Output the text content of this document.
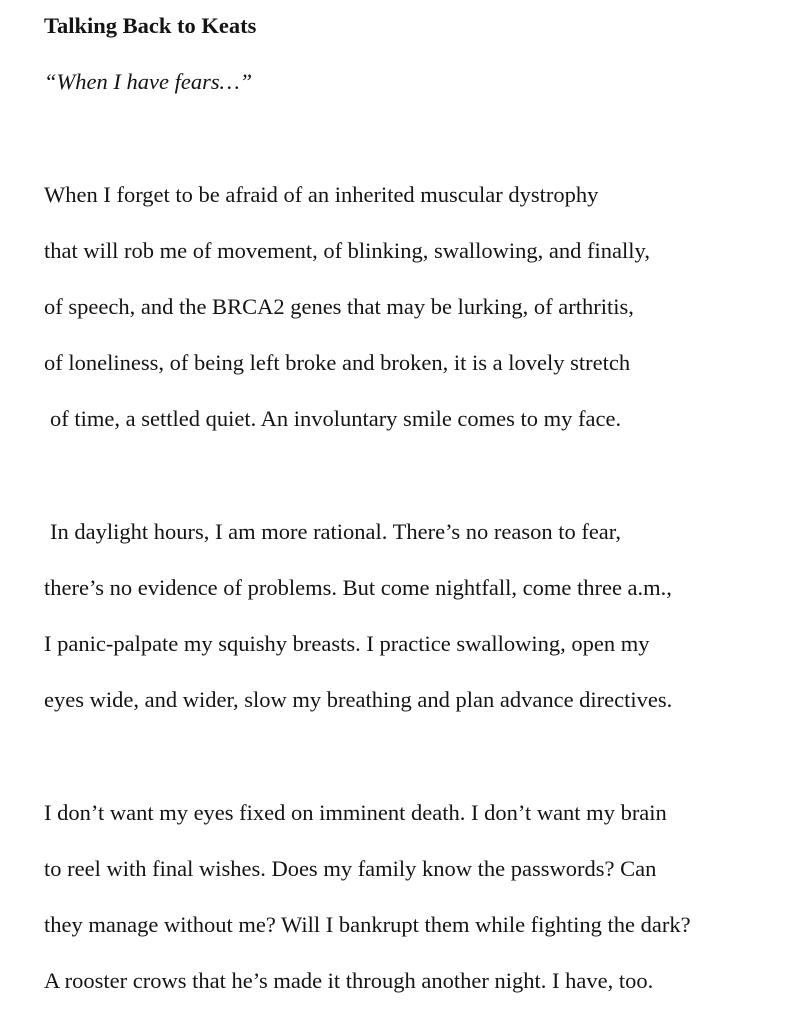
Talking Back to Keats
“When I have fears…”
When I forget to be afraid of an inherited muscular dystrophy
that will rob me of movement, of blinking, swallowing, and finally,
of speech, and the BRCA2 genes that may be lurking, of arthritis,
of loneliness, of being left broke and broken, it is a lovely stretch
of time, a settled quiet. An involuntary smile comes to my face.
In daylight hours, I am more rational. There’s no reason to fear,
there’s no evidence of problems. But come nightfall, come three a.m.,
I panic-palpate my squishy breasts. I practice swallowing, open my
eyes wide, and wider, slow my breathing and plan advance directives.
I don’t want my eyes fixed on imminent death. I don’t want my brain
to reel with final wishes. Does my family know the passwords? Can
they manage without me? Will I bankrupt them while fighting the dark?
A rooster crows that he’s made it through another night. I have, too.
